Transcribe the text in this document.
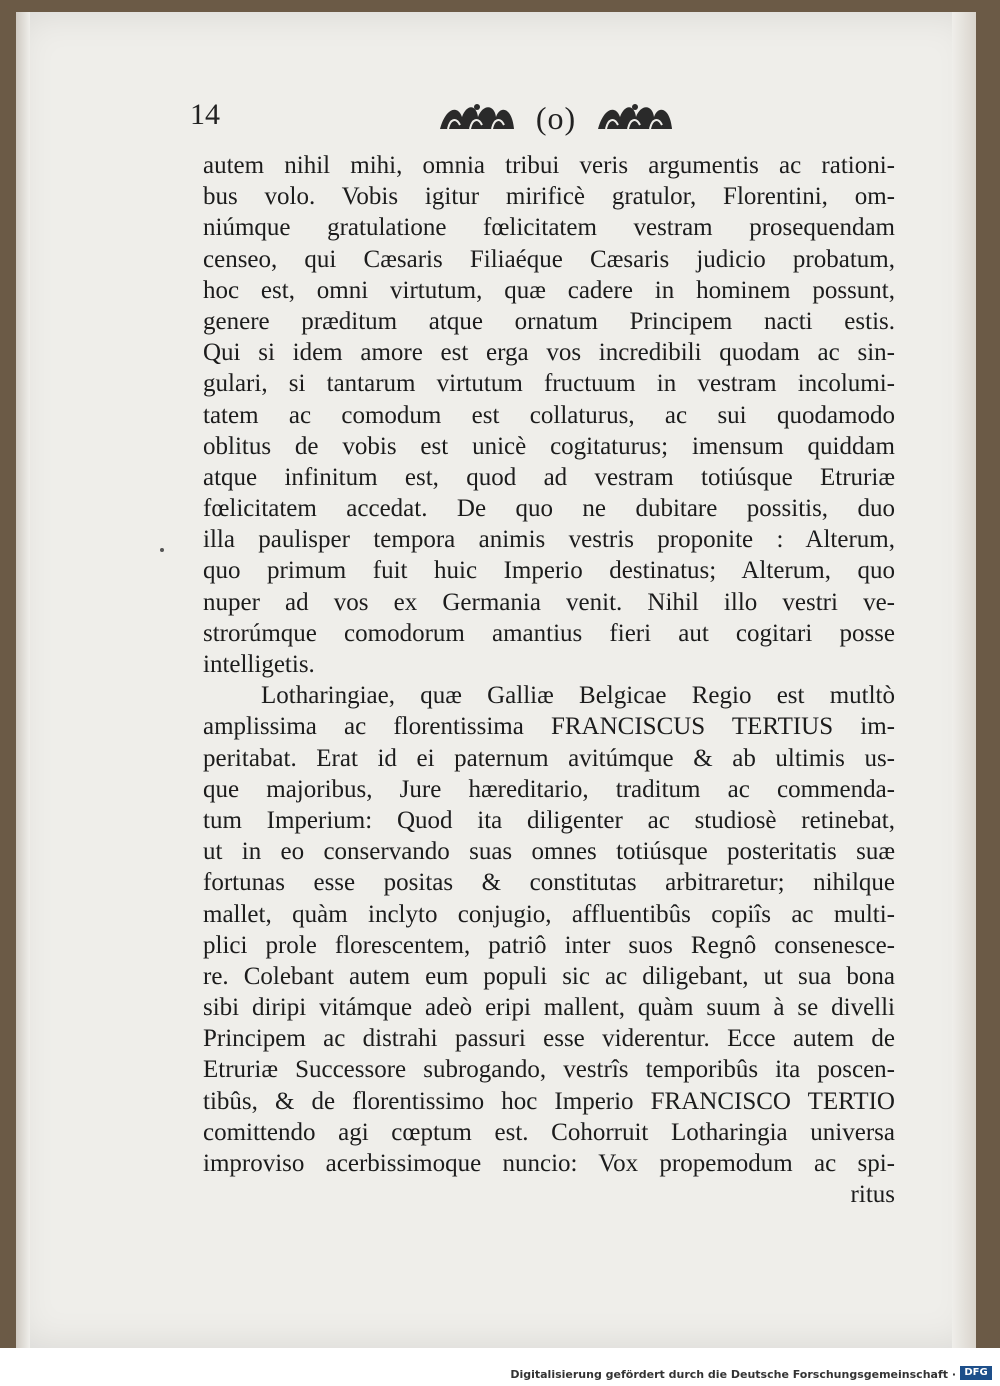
14	(o)
autem nihil mihi, omnia tribui veris argumentis ac rationi-
bus volo. Vobis igitur mirificè gratulor, Florentini, om-
niúmque gratulatione fœlicitatem vestram prosequendam
censeo, qui Cæsaris Filiaéque Cæsaris judicio probatum,
hoc est, omni virtutum, quæ cadere in hominem possunt,
genere præditum atque ornatum Principem nacti estis.
Qui si idem amore est erga vos incredibili quodam ac sin-
gulari, si tantarum virtutum fructuum in vestram incolumi-
tatem ac comodum est collaturus, ac sui quodamodo
oblitus de vobis est unicè cogitaturus; imensum quiddam
atque infinitum est, quod ad vestram totiúsque Etruriæ
fœlicitatem accedat. De quo ne dubitare possitis, duo
illa paulisper tempora animis vestris proponite : Alterum,
quo primum fuit huic Imperio destinatus; Alterum, quo
nuper ad vos ex Germania venit. Nihil illo vestri ve-
strorúmque comodorum amantius fieri aut cogitari posse
intelligetis.
Lotharingiae, quæ Galliæ Belgicae Regio est mutltò
amplissima ac florentissima FRANCISCUS TERTIUS im-
peritabat. Erat id ei paternum avitúmque & ab ultimis us-
que majoribus, Jure hæreditario, traditum ac commenda-
tum Imperium: Quod ita diligenter ac studiosè retinebat,
ut in eo conservando suas omnes totiúsque posteritatis suæ
fortunas esse positas & constitutas arbitraretur; nihilque
mallet, quàm inclyto conjugio, affluentibûs copiîs ac multi-
plici prole florescentem, patriô inter suos Regnô consenesce-
re. Colebant autem eum populi sic ac diligebant, ut sua bona
sibi diripi vitámque adeò eripi mallent, quàm suum à se divelli
Principem ac distrahi passuri esse viderentur. Ecce autem de
Etruriæ Successore subrogando, vestrîs temporibûs ita poscen-
tibûs, & de florentissimo hoc Imperio FRANCISCO TERTIO
comittendo agi cœptum est. Cohorruit Lotharingia universa
improviso acerbissimoque nuncio: Vox propemodum ac spi-
ritus
Digitalisierung gefördert durch die Deutsche Forschungsgemeinschaft · DFG
